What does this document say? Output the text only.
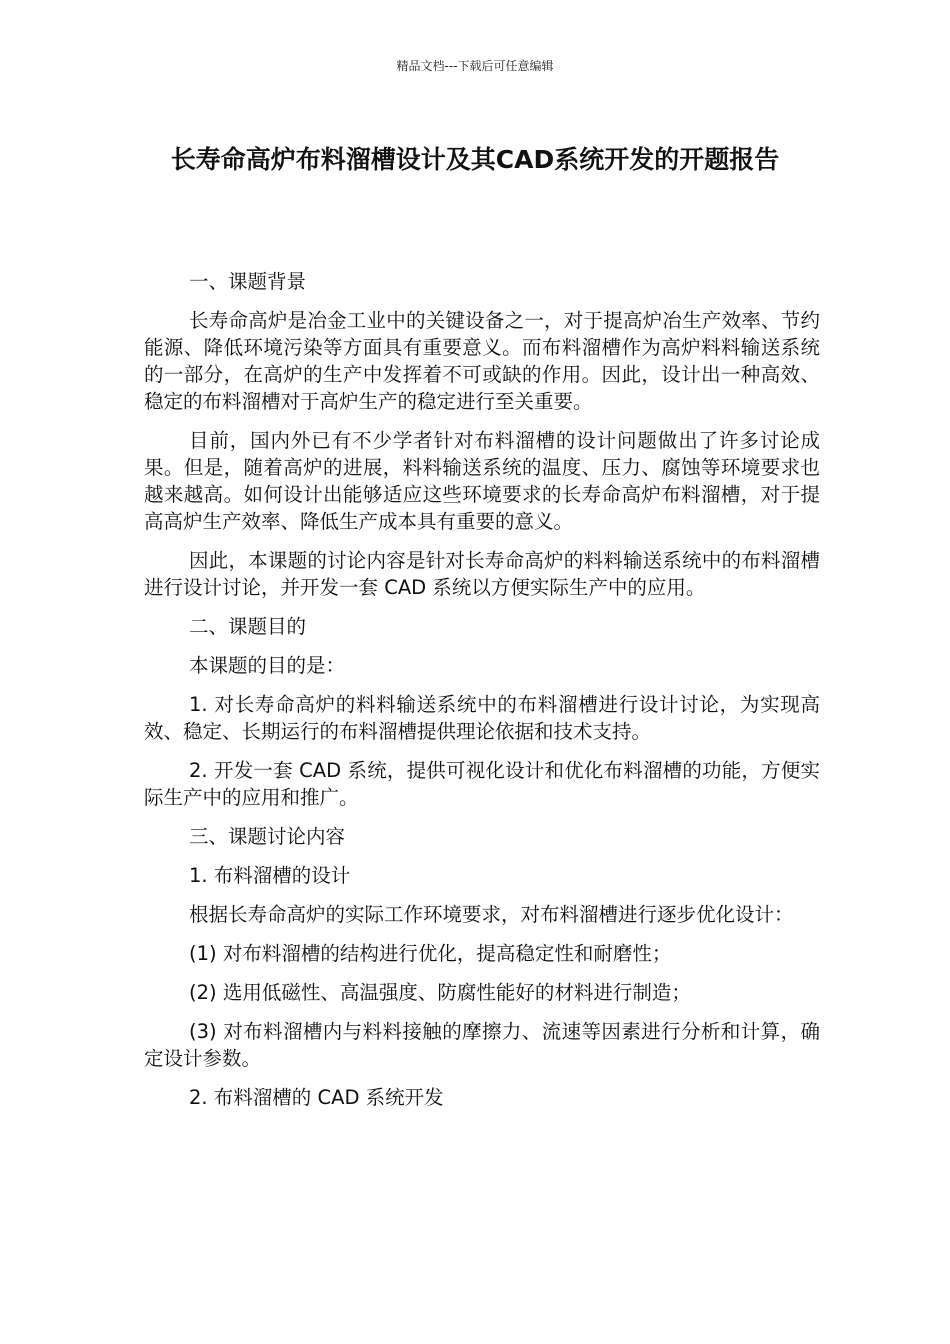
精品文档---下载后可任意编辑
长寿命高炉布料溜槽设计及其CAD系统开发的开题报告

一、课题背景

长寿命高炉是冶金工业中的关键设备之一，对于提高炉冶生产效率、节约能源、降低环境污染等方面具有重要意义。而布料溜槽作为高炉料料输送系统的一部分，在高炉的生产中发挥着不可或缺的作用。因此，设计出一种高效、稳定的布料溜槽对于高炉生产的稳定进行至关重要。

目前，国内外已有不少学者针对布料溜槽的设计问题做出了许多讨论成果。但是，随着高炉的进展，料料输送系统的温度、压力、腐蚀等环境要求也越来越高。如何设计出能够适应这些环境要求的长寿命高炉布料溜槽，对于提高高炉生产效率、降低生产成本具有重要的意义。

因此，本课题的讨论内容是针对长寿命高炉的料料输送系统中的布料溜槽进行设计讨论，并开发一套 CAD 系统以方便实际生产中的应用。

二、课题目的

本课题的目的是：

1. 对长寿命高炉的料料输送系统中的布料溜槽进行设计讨论，为实现高效、稳定、长期运行的布料溜槽提供理论依据和技术支持。

2. 开发一套 CAD 系统，提供可视化设计和优化布料溜槽的功能，方便实际生产中的应用和推广。

三、课题讨论内容

1. 布料溜槽的设计

根据长寿命高炉的实际工作环境要求，对布料溜槽进行逐步优化设计：

(1) 对布料溜槽的结构进行优化，提高稳定性和耐磨性；

(2) 选用低磁性、高温强度、防腐性能好的材料进行制造；

(3) 对布料溜槽内与料料接触的摩擦力、流速等因素进行分析和计算，确定设计参数。

2. 布料溜槽的 CAD 系统开发
